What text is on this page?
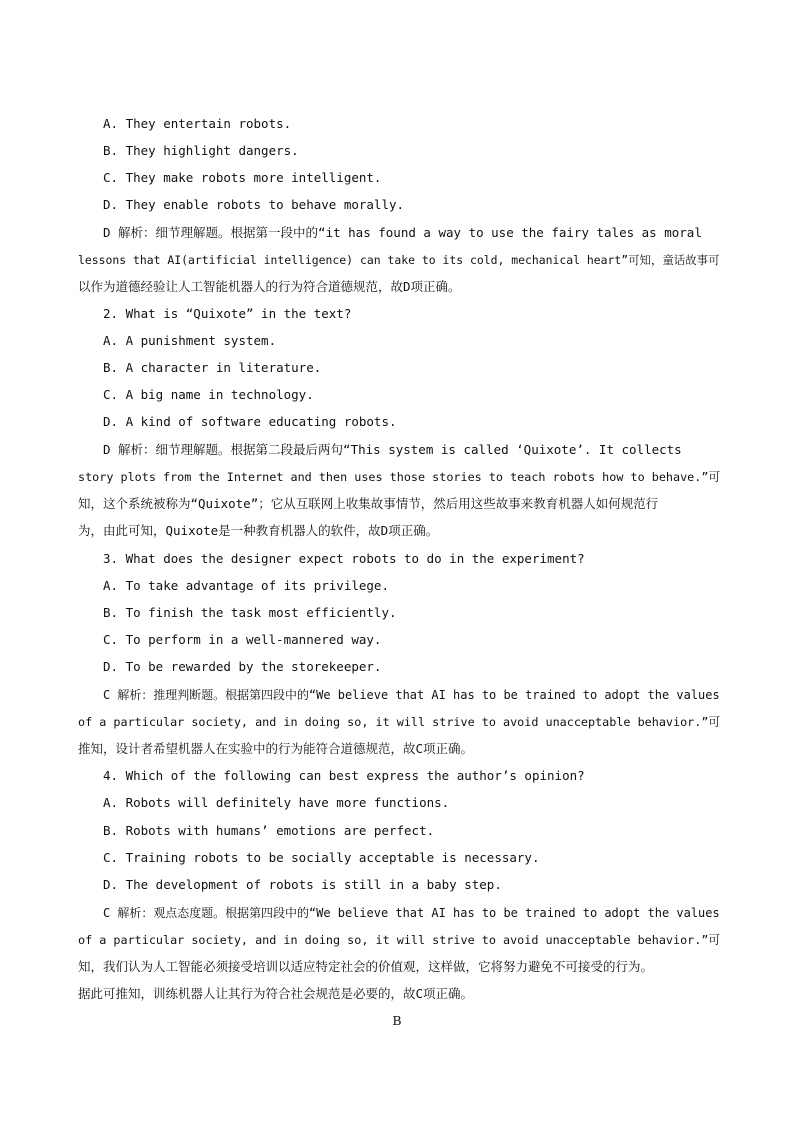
A. They entertain robots.
B. They highlight dangers.
C. They make robots more intelligent.
D. They enable robots to behave morally.
D 解析：细节理解题。根据第一段中的“it has found a way to use the fairy tales as moral
lessons that AI(artificial intelligence) can take to its cold, mechanical heart”可知，童话故事可
以作为道德经验让人工智能机器人的行为符合道德规范，故D项正确。
2. What is “Quixote” in the text?
A. A punishment system.
B. A character in literature.
C. A big name in technology.
D. A kind of software educating robots.
D 解析：细节理解题。根据第二段最后两句“This system is called ‘Quixote’. It collects
story plots from the Internet and then uses those stories to teach robots how to behave.”可
知，这个系统被称为“Quixote”；它从互联网上收集故事情节，然后用这些故事来教育机器人如何规范行
为，由此可知，Quixote是一种教育机器人的软件，故D项正确。
3. What does the designer expect robots to do in the experiment?
A. To take advantage of its privilege.
B. To finish the task most efficiently.
C. To perform in a well-mannered way.
D. To be rewarded by the storekeeper.
C 解析：推理判断题。根据第四段中的“We believe that AI has to be trained to adopt the values
of a particular society, and in doing so, it will strive to avoid unacceptable behavior.”可
推知，设计者希望机器人在实验中的行为能符合道德规范，故C项正确。
4. Which of the following can best express the author’s opinion?
A. Robots will definitely have more functions.
B. Robots with humans’ emotions are perfect.
C. Training robots to be socially acceptable is necessary.
D. The development of robots is still in a baby step.
C 解析：观点态度题。根据第四段中的“We believe that AI has to be trained to adopt the values
of a particular society, and in doing so, it will strive to avoid unacceptable behavior.”可
知，我们认为人工智能必须接受培训以适应特定社会的价值观，这样做，它将努力避免不可接受的行为。
据此可推知，训练机器人让其行为符合社会规范是必要的，故C项正确。
B
